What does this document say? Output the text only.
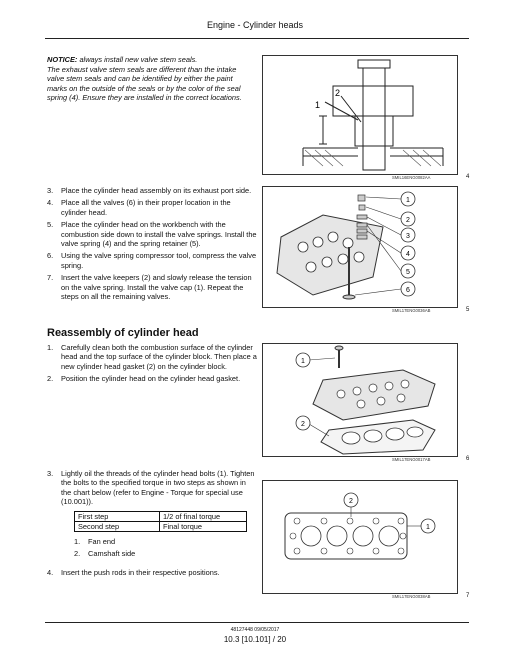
Engine - Cylinder heads
NOTICE: always install new valve stem seals.
The exhaust valve stem seals are different than the intake valve stem seals and can be identified by either the paint marks on the outside of the seals or by the color of the seal spring (4). Ensure they are installed in the correct locations.
1
2
SMIL16ENG0082AA	4
3. Place the cylinder head assembly on its exhaust port side.
4. Place all the valves (6) in their proper location in the cylinder head.
5. Place the cylinder head on the workbench with the combustion side down to install the valve springs. Install the valve spring (4) and the spring retainer (5).
6. Using the valve spring compressor tool, compress the valve spring.
7. Insert the valve keepers (2) and slowly release the tension on the valve spring. Install the valve cap (1). Repeat the steps on all the remaining valves.
1
2
3
4
5
6
SMIL17ENG0036AB	5
Reassembly of cylinder head
1. Carefully clean both the combustion surface of the cylinder head and the top surface of the cylinder block. Then place a new cylinder head gasket (2) on the cylinder block.
2. Position the cylinder head on the cylinder head gasket.
1
2
SMIL17ENG0017AB	6
3. Lightly oil the threads of the cylinder head bolts (1). Tighten the bolts to the specified torque in two steps as shown in the chart below (refer to Engine - Torque for special use (10.001)).
First step	1/2 of final torque
Second step	Final torque
1. Fan end
2. Camshaft side
4. Insert the push rods in their respective positions.
2
1
SMIL17ENG0038AB	7
48127448 09/05/2017
10.3 [10.101] / 20
